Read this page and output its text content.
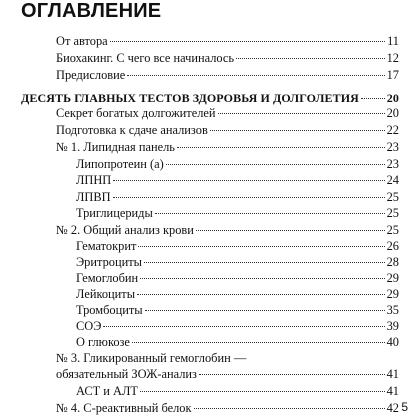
ОГЛАВЛЕНИЕ
От автора	11
Биохакинг. С чего все начиналось	12
Предисловие	17
ДЕСЯТЬ ГЛАВНЫХ ТЕСТОВ ЗДОРОВЬЯ И ДОЛГОЛЕТИЯ 20
Секрет богатых долгожителей	20
Подготовка к сдаче анализов	22
№ 1. Липидная панель	23
Липопротеин (а)	23
ЛПНП	24
ЛПВП	25
Триглицериды	25
№ 2. Общий анализ крови	25
Гематокрит	26
Эритроциты	28
Гемоглобин	29
Лейкоциты	29
Тромбоциты	35
СОЭ	39
О глюкозе	40
№ 3. Гликированный гемоглобин —
обязательный ЗОЖ-анализ	41
АСТ и АЛТ	41
№ 4. С-реактивный белок	42 5
